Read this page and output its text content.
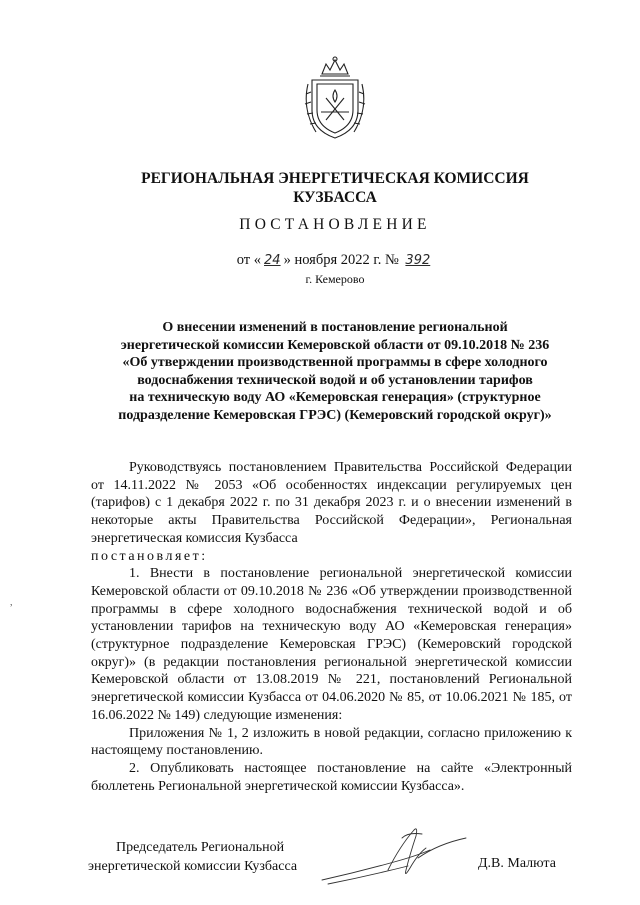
РЕГИОНАЛЬНАЯ ЭНЕРГЕТИЧЕСКАЯ КОМИССИЯ
КУЗБАССА
ПОСТАНОВЛЕНИЕ
от « 24 » ноября 2022 г. № 392
г. Кемерово
О внесении изменений в постановление региональной
энергетической комиссии Кемеровской области от 09.10.2018 № 236
«Об утверждении производственной программы в сфере холодного
водоснабжения технической водой и об установлении тарифов
на техническую воду АО «Кемеровская генерация» (структурное
подразделение Кемеровская ГРЭС) (Кемеровский городской округ)»

Руководствуясь постановлением Правительства Российской Федерации от 14.11.2022 № 2053 «Об особенностях индексации регулируемых цен (тарифов) с 1 декабря 2022 г. по 31 декабря 2023 г. и о внесении изменений в некоторые акты Правительства Российской Федерации», Региональная энергетическая комиссия Кузбасса

постановляет:

1. Внести в постановление региональной энергетической комиссии Кемеровской области от 09.10.2018 № 236 «Об утверждении производственной программы в сфере холодного водоснабжения технической водой и об установлении тарифов на техническую воду АО «Кемеровская генерация» (структурное подразделение Кемеровская ГРЭС) (Кемеровский городской округ)» (в редакции постановления региональной энергетической комиссии Кемеровской области от 13.08.2019 № 221, постановлений Региональной энергетической комиссии Кузбасса от 04.06.2020 № 85, от 10.06.2021 № 185, от 16.06.2022 № 149) следующие изменения:

Приложения № 1, 2 изложить в новой редакции, согласно приложению к настоящему постановлению.

2. Опубликовать настоящее постановление на сайте «Электронный бюллетень Региональной энергетической комиссии Кузбасса».

Председатель Региональной
энергетической комиссии Кузбасса	Д.В. Малюта
,
